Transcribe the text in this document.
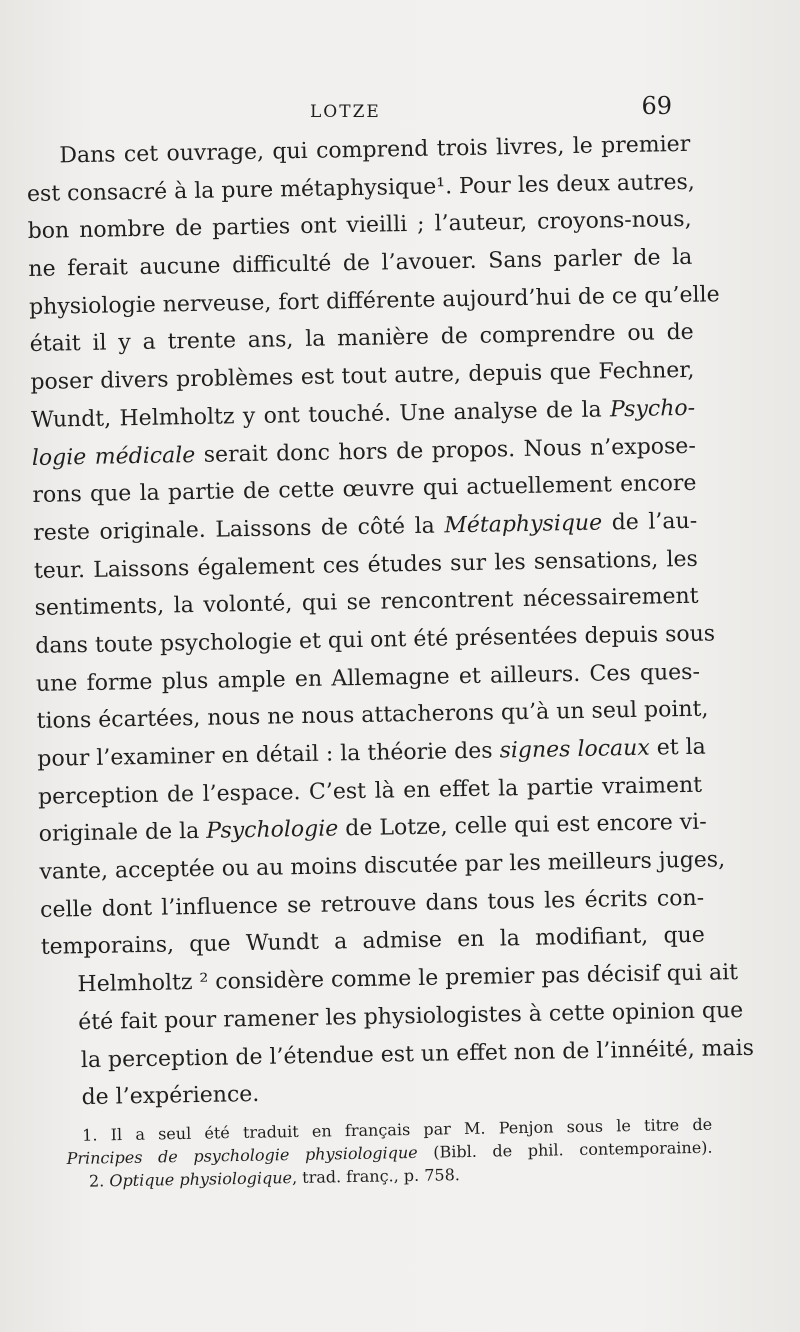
LOTZE	69
Dans cet ouvrage, qui comprend trois livres, le premier
est consacré à la pure métaphysique¹. Pour les deux autres,
bon nombre de parties ont vieilli ; l’auteur, croyons-nous,
ne ferait aucune difficulté de l’avouer. Sans parler de la
physiologie nerveuse, fort différente aujourd’hui de ce qu’elle
était il y a trente ans, la manière de comprendre ou de
poser divers problèmes est tout autre, depuis que Fechner,
Wundt, Helmholtz y ont touché. Une analyse de la Psycho-
logie médicale serait donc hors de propos. Nous n’expose-
rons que la partie de cette œuvre qui actuellement encore
reste originale. Laissons de côté la Métaphysique de l’au-
teur. Laissons également ces études sur les sensations, les
sentiments, la volonté, qui se rencontrent nécessairement
dans toute psychologie et qui ont été présentées depuis sous
une forme plus ample en Allemagne et ailleurs. Ces ques-
tions écartées, nous ne nous attacherons qu’à un seul point,
pour l’examiner en détail : la théorie des signes locaux et la
perception de l’espace. C’est là en effet la partie vraiment
originale de la Psychologie de Lotze, celle qui est encore vi-
vante, acceptée ou au moins discutée par les meilleurs juges,
celle dont l’influence se retrouve dans tous les écrits con-
temporains, que Wundt a admise en la modifiant, que
Helmholtz ² considère comme le premier pas décisif qui ait
été fait pour ramener les physiologistes à cette opinion que
la perception de l’étendue est un effet non de l’innéité, mais
de l’expérience.
1. Il a seul été traduit en français par M. Penjon sous le titre de
Principes de psychologie physiologique (Bibl. de phil. contemporaine).
2. Optique physiologique, trad. franç., p. 758.
